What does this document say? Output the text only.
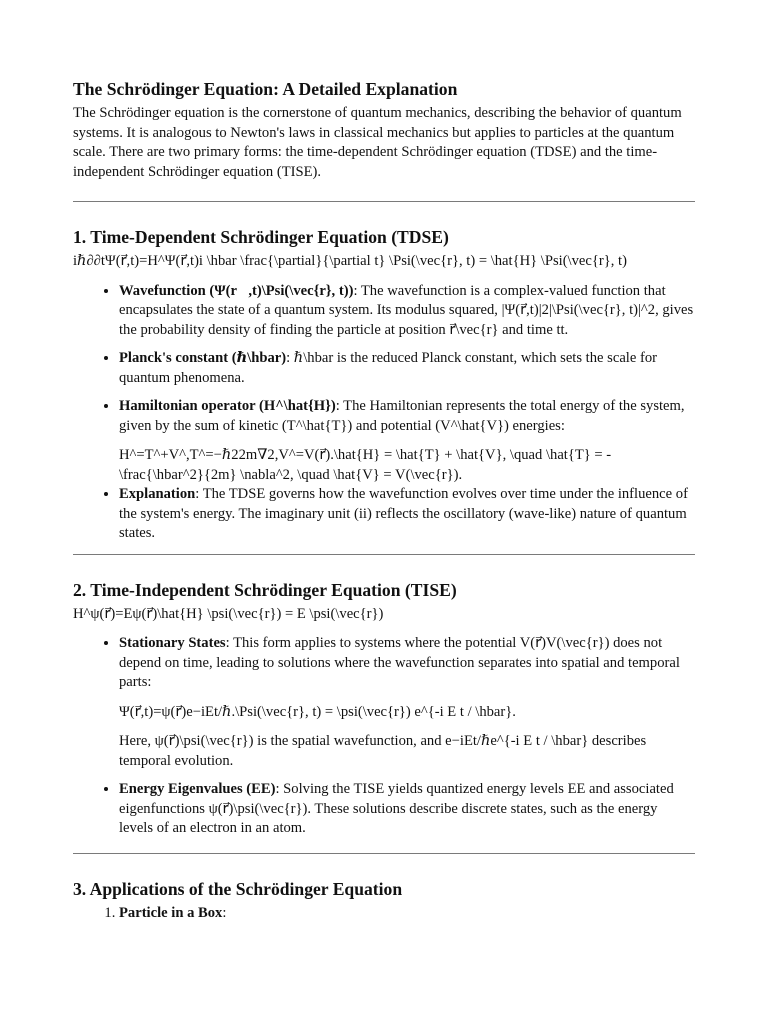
The Schrödinger Equation: A Detailed Explanation

The Schrödinger equation is the cornerstone of quantum mechanics, describing the behavior of quantum systems. It is analogous to Newton's laws in classical mechanics but applies to particles at the quantum scale. There are two primary forms: the time-dependent Schrödinger equation (TDSE) and the time-independent Schrödinger equation (TISE).

1. Time-Dependent Schrödinger Equation (TDSE)

iℏ∂∂tΨ(r⃗,t)=H^Ψ(r⃗,t)i \hbar \frac{\partial}{\partial t} \Psi(\vec{r}, t) = \hat{H} \Psi(\vec{r}, t)

• Wavefunction (Ψ(r⃗,t)\Psi(\vec{r}, t)): The wavefunction is a complex-valued function that encapsulates the state of a quantum system. Its modulus squared, |Ψ(r⃗,t)|2|\Psi(\vec{r}, t)|^2, gives the probability density of finding the particle at position r⃗\vec{r} and time tt.
• Planck's constant (ℏ\hbar): ℏ\hbar is the reduced Planck constant, which sets the scale for quantum phenomena.
• Hamiltonian operator (H^\hat{H}): The Hamiltonian represents the total energy of the system, given by the sum of kinetic (T^\hat{T}) and potential (V^\hat{V}) energies:

H^=T^+V^,T^=−ℏ22m∇2,V^=V(r⃗).\hat{H} = \hat{T} + \hat{V}, \quad \hat{T} = -\frac{\hbar^2}{2m} \nabla^2, \quad \hat{V} = V(\vec{r}).

• Explanation: The TDSE governs how the wavefunction evolves over time under the influence of the system's energy. The imaginary unit (ii) reflects the oscillatory (wave-like) nature of quantum states.
2. Time-Independent Schrödinger Equation (TISE)

H^ψ(r⃗)=Eψ(r⃗)\hat{H} \psi(\vec{r}) = E \psi(\vec{r})

• Stationary States: This form applies to systems where the potential V(r⃗)V(\vec{r}) does not depend on time, leading to solutions where the wavefunction separates into spatial and temporal parts:

Ψ(r⃗,t)=ψ(r⃗)e−iEt/ℏ.\Psi(\vec{r}, t) = \psi(\vec{r}) e^{-i E t / \hbar}.

Here, ψ(r⃗)\psi(\vec{r}) is the spatial wavefunction, and e−iEt/ℏe^{-i E t / \hbar} describes temporal evolution.

• Energy Eigenvalues (EE): Solving the TISE yields quantized energy levels EE and associated eigenfunctions ψ(r⃗)\psi(\vec{r}). These solutions describe discrete states, such as the energy levels of an electron in an atom.
3. Applications of the Schrödinger Equation
1. Particle in a Box:
